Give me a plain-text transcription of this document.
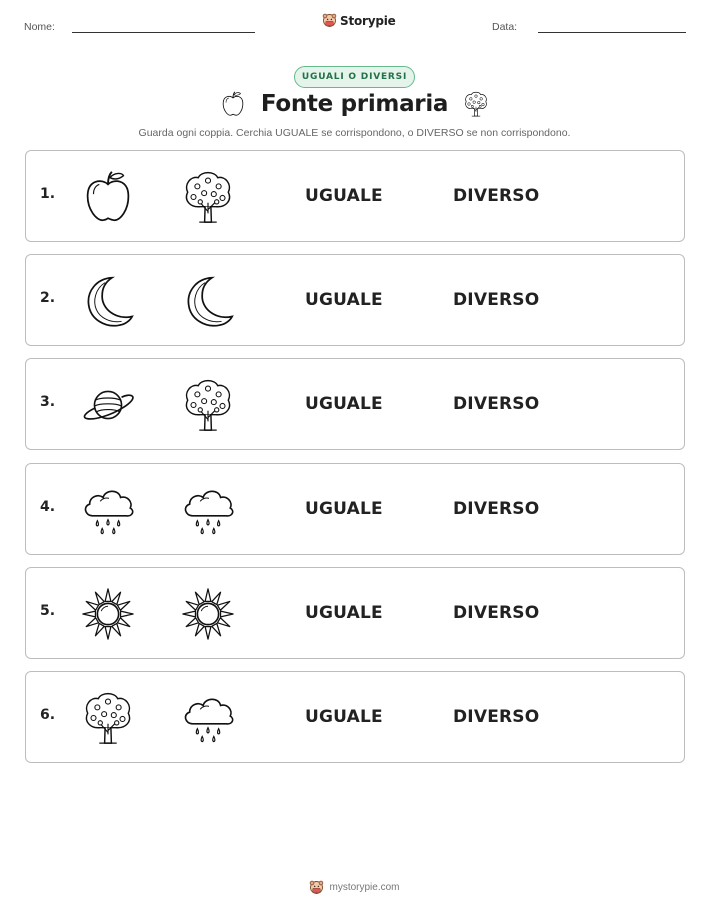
Nome:	Storypie	Data:
UGUALI O DIVERSI
Fonte primaria
Guarda ogni coppia. Cerchia UGUALE se corrispondono, o DIVERSO se non corrispondono.
1.	UGUALE	DIVERSO
2.	UGUALE	DIVERSO
3.	UGUALE	DIVERSO
4.	UGUALE	DIVERSO
5.	UGUALE	DIVERSO
6.	UGUALE	DIVERSO
mystorypie.com
